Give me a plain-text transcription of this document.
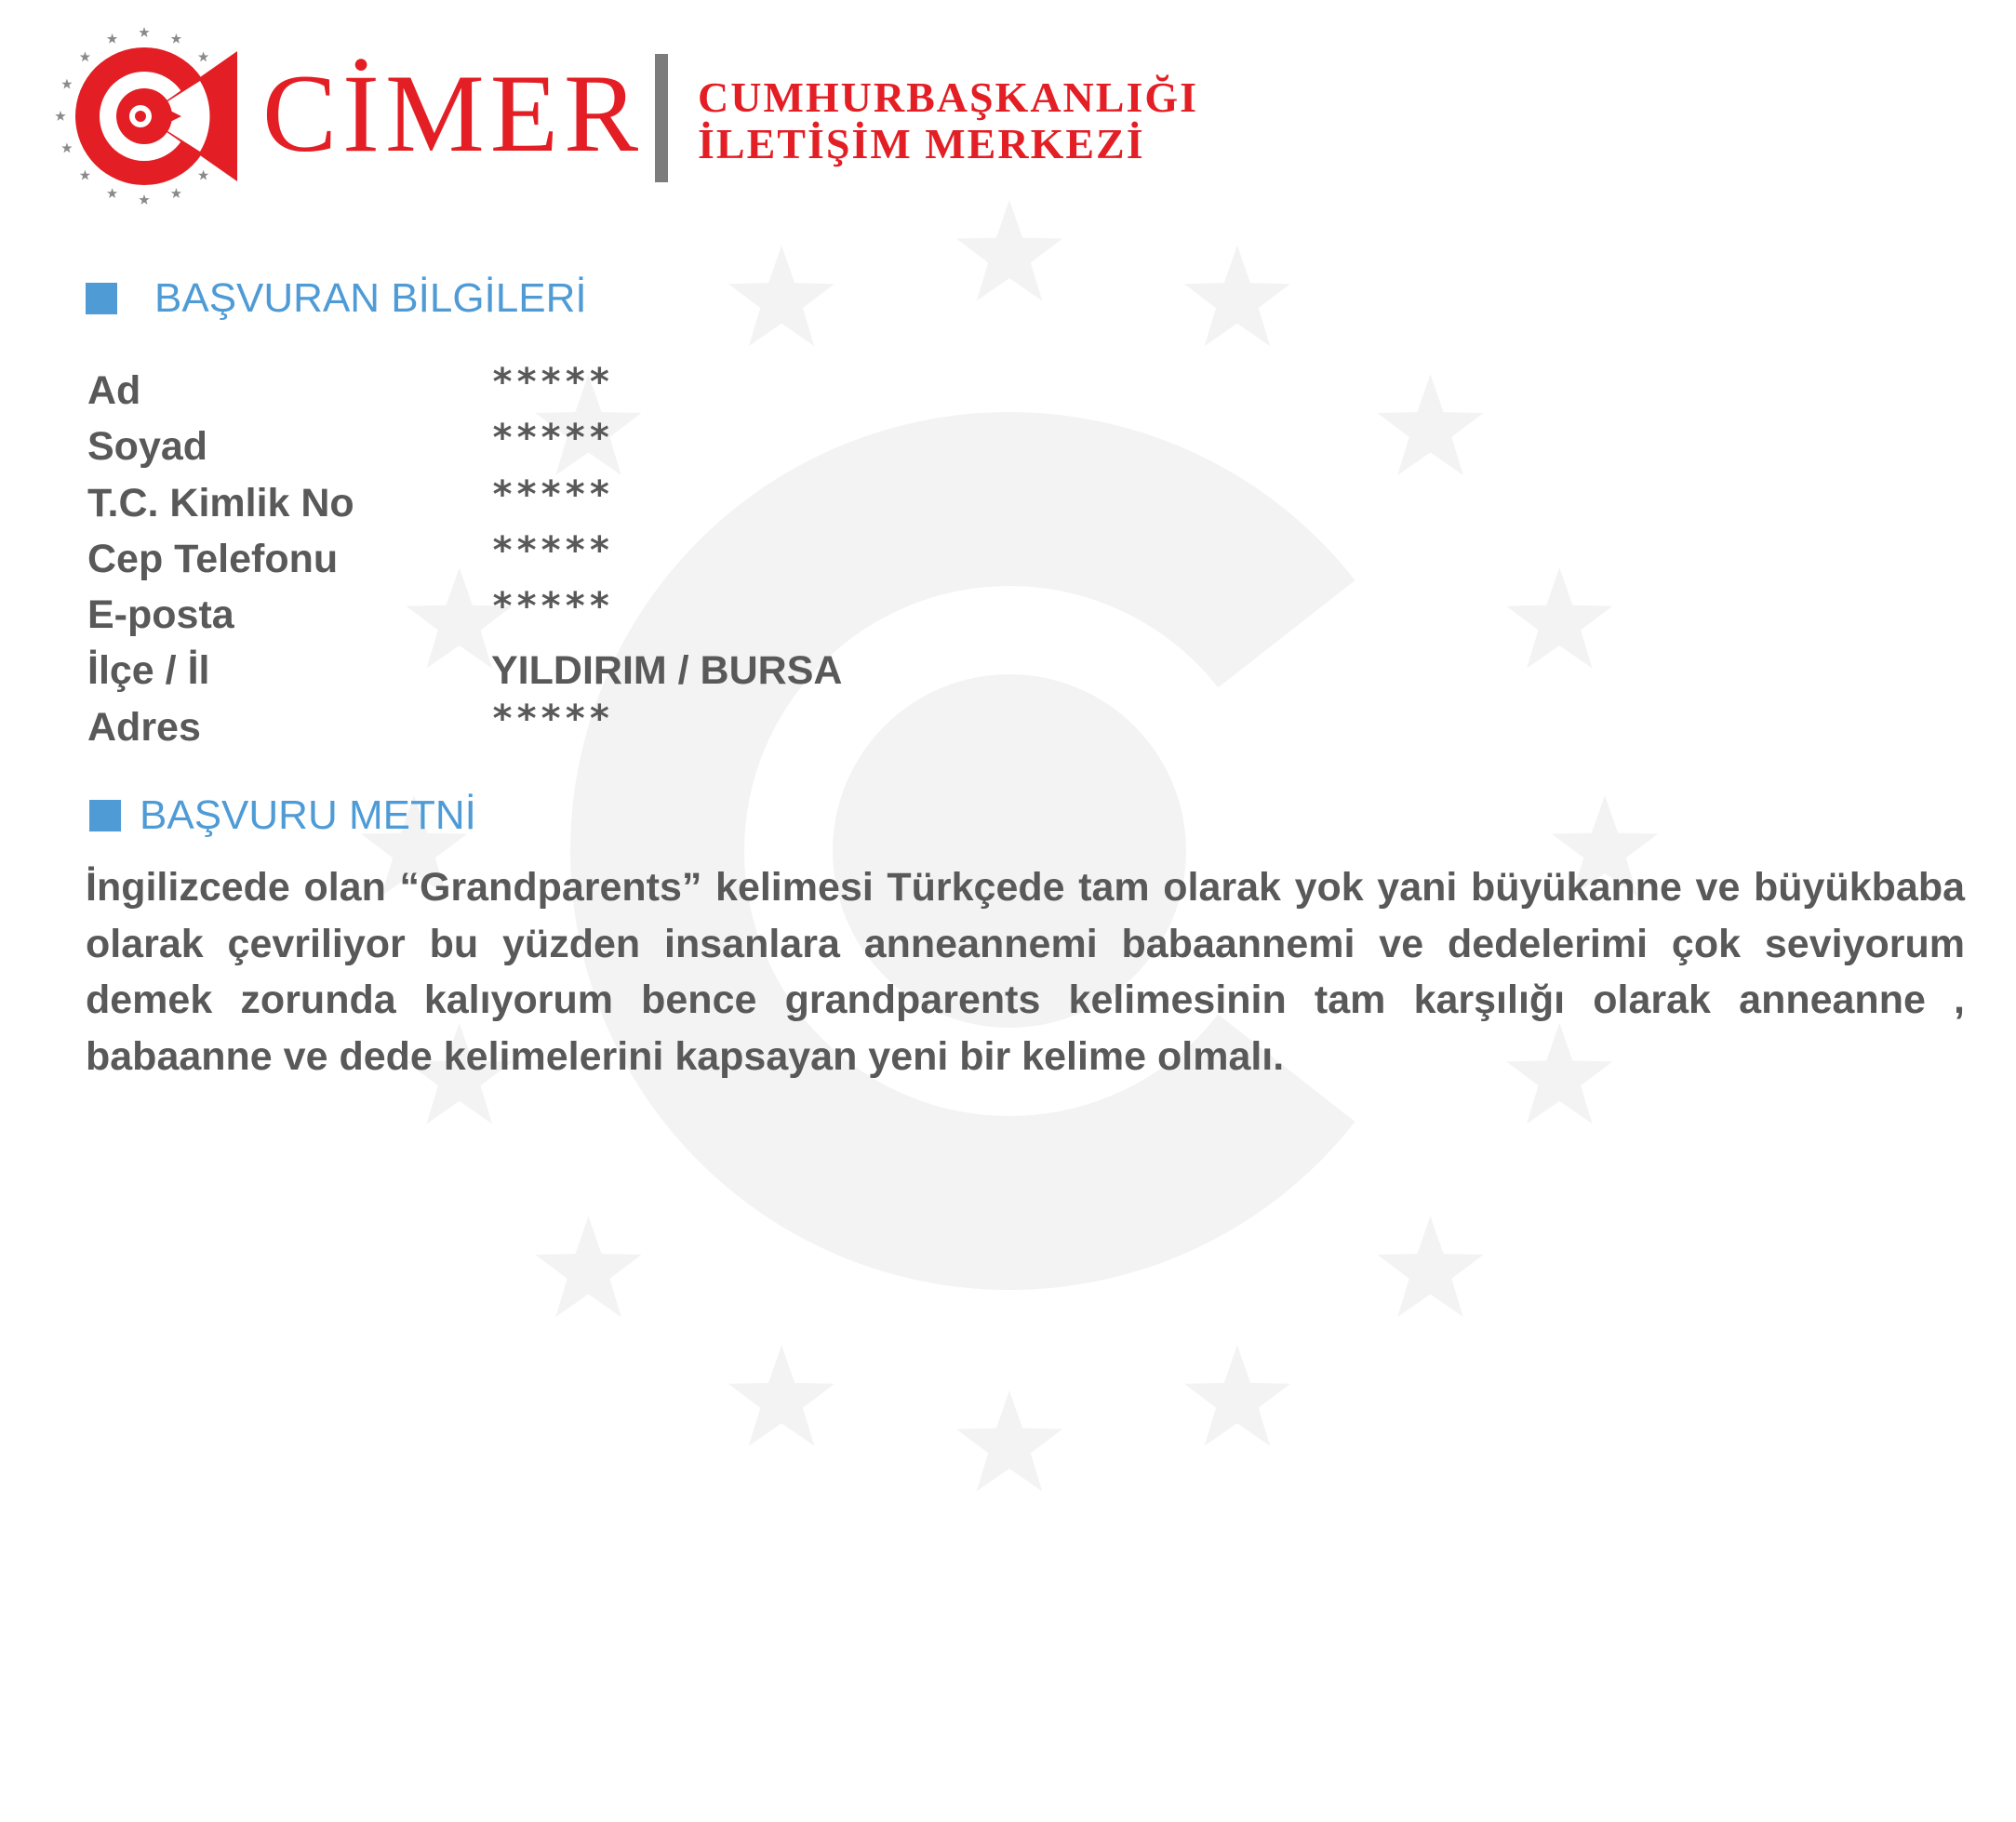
CİMER CUMHURBAŞKANLIĞI
İLETİŞİM MERKEZİ
BAŞVURAN BİLGİLERİ
Ad	*****
Soyad	*****
T.C. Kimlik No	*****
Cep Telefonu	*****
E-posta	*****
İlçe / İl	YILDIRIM / BURSA
Adres	*****
BAŞVURU METNİ
İngilizcede olan “Grandparents” kelimesi Türkçede tam olarak yok yani büyükanne ve büyükbaba olarak çevriliyor bu yüzden insanlara anneannemi babaannemi ve dedelerimi çok seviyorum demek zorunda kalıyorum bence grandparents kelimesinin tam karşılığı olarak anneanne , babaanne ve dede kelimelerini kapsayan yeni bir kelime olmalı.
